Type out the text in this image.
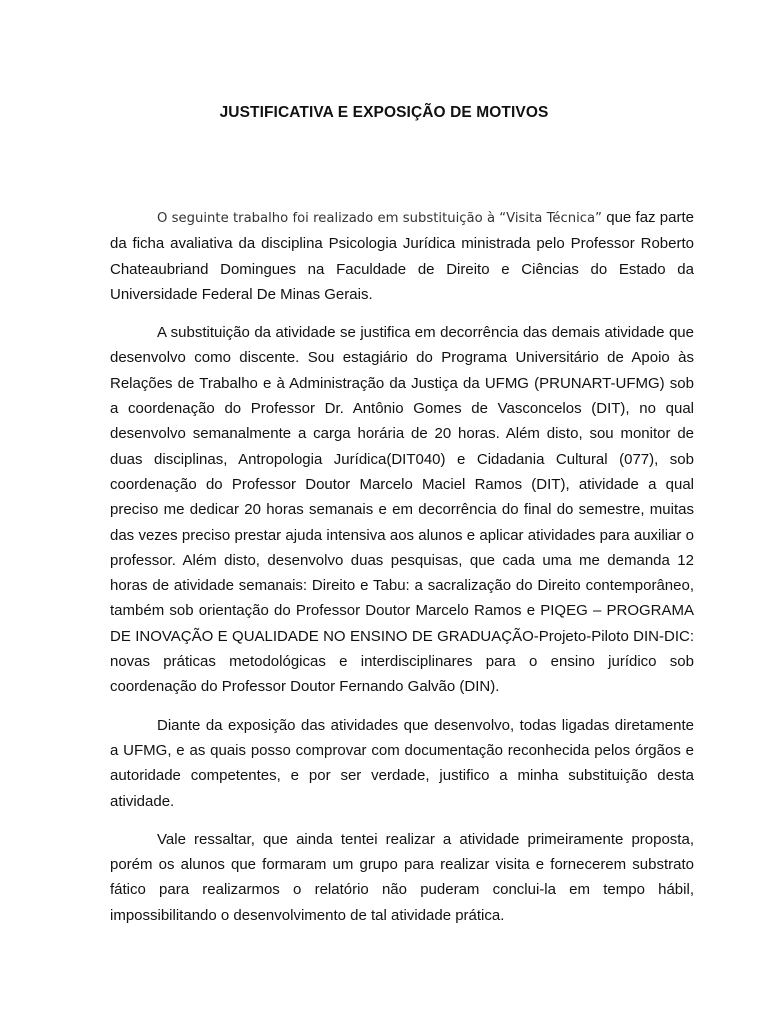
JUSTIFICATIVA E EXPOSIÇÃO DE MOTIVOS

O seguinte trabalho foi realizado em substituição à “Visita Técnica” que faz parte da ficha avaliativa da disciplina Psicologia Jurídica ministrada pelo Professor Roberto Chateaubriand Domingues na Faculdade de Direito e Ciências do Estado da Universidade Federal De Minas Gerais.

A substituição da atividade se justifica em decorrência das demais atividade que desenvolvo como discente. Sou estagiário do Programa Universitário de Apoio às Relações de Trabalho e à Administração da Justiça da UFMG (PRUNART-UFMG) sob a coordenação do Professor Dr. Antônio Gomes de Vasconcelos (DIT), no qual desenvolvo semanalmente a carga horária de 20 horas. Além disto, sou monitor de duas disciplinas, Antropologia Jurídica(DIT040) e Cidadania Cultural (077), sob coordenação do Professor Doutor Marcelo Maciel Ramos (DIT), atividade a qual preciso me dedicar 20 horas semanais e em decorrência do final do semestre, muitas das vezes preciso prestar ajuda intensiva aos alunos e aplicar atividades para auxiliar o professor. Além disto, desenvolvo duas pesquisas, que cada uma me demanda 12 horas de atividade semanais: Direito e Tabu: a sacralização do Direito contemporâneo, também sob orientação do Professor Doutor Marcelo Ramos e PIQEG – PROGRAMA DE INOVAÇÃO E QUALIDADE NO ENSINO DE GRADUAÇÃO-Projeto-Piloto DIN-DIC: novas práticas metodológicas e interdisciplinares para o ensino jurídico sob coordenação do Professor Doutor Fernando Galvão (DIN).

Diante da exposição das atividades que desenvolvo, todas ligadas diretamente a UFMG, e as quais posso comprovar com documentação reconhecida pelos órgãos e autoridade competentes, e por ser verdade, justifico a minha substituição desta atividade.

Vale ressaltar, que ainda tentei realizar a atividade primeiramente proposta, porém os alunos que formaram um grupo para realizar visita e fornecerem substrato fático para realizarmos o relatório não puderam conclui-la em tempo hábil, impossibilitando o desenvolvimento de tal atividade prática.
